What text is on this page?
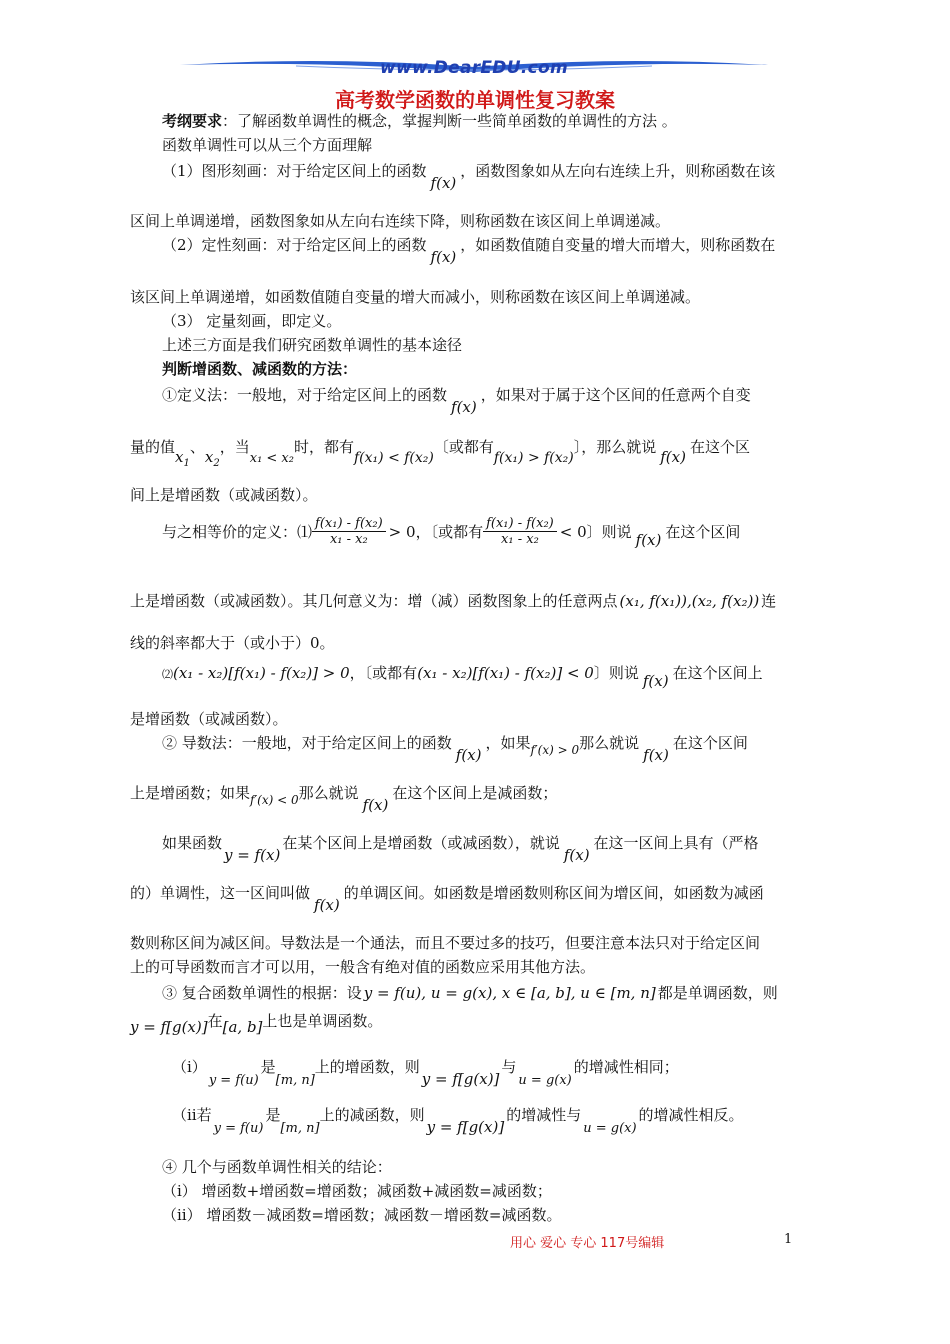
www.DearEDU.com
高考数学函数的单调性复习教案
考纲要求：了解函数单调性的概念，掌握判断一些简单函数的单调性的方法 。
函数单调性可以从三个方面理解
（1）图形刻画：对于给定区间上的函数f(x)，函数图象如从左向右连续上升，则称函数在该
区间上单调递增，函数图象如从左向右连续下降，则称函数在该区间上单调递减。
（2）定性刻画：对于给定区间上的函数f(x)，如函数值随自变量的增大而增大，则称函数在
该区间上单调递增，如函数值随自变量的增大而减小，则称函数在该区间上单调递减。
（3） 定量刻画，即定义。
上述三方面是我们研究函数单调性的基本途径
判断增函数、减函数的方法：
①定义法：一般地，对于给定区间上的函数f(x)，如果对于属于这个区间的任意两个自变
量的值$x_1$、$x_2$，当x₁ < x₂时，都有f(x₁) < f(x₂)〔或都有f(x₁) > f(x₂)〕，那么就说f(x)在这个区
间上是增函数（或减函数）。
与之相等价的定义：⑴ $\frac{\text{f(x₁) - f(x₂)}}{\text{x₁ - x₂}} > 0$，〔或都有 $\frac{\text{f(x₁) - f(x₂)}}{\text{x₁ - x₂}} < 0$〕则说 f(x) 在这个区间
上是增函数（或减函数）。其几何意义为：增（减）函数图象上的任意两点 (x₁, f(x₁)),(x₂, f(x₂)) 连
线的斜率都大于（或小于）0。
⑵(x₁ - x₂)[f(x₁) - f(x₂)] > 0，〔或都有(x₁ - x₂)[f(x₁) - f(x₂)] < 0〕则说 f(x) 在这个区间上
是增函数（或减函数）。
② 导数法：一般地，对于给定区间上的函数f(x)，如果f′(x) > 0那么就说f(x)在这个区间
上是增函数；如果f′(x) < 0那么就说f(x)在这个区间上是减函数；
如果函数y = f(x)在某个区间上是增函数（或减函数），就说f(x)在这一区间上具有（严格
的）单调性，这一区间叫做f(x)的单调区间。如函数是增函数则称区间为增区间，如函数为减函
数则称区间为减区间。导数法是一个通法，而且不要过多的技巧，但要注意本法只对于给定区间
上的可导函数而言才可以用，一般含有绝对值的函数应采用其他方法。
③ 复合函数单调性的根据：设 y = f(u), u = g(x), x ∈ [a, b], u ∈ [m, n] 都是单调函数，则
y = f[g(x)]在[a, b]上也是单调函数。
（ⅰ）y = f(u)是[m, n]上的增函数，则y = f[g(x)]与u = g(x)的增减性相同；
（ⅱ若y = f(u)是[m, n]上的减函数，则y = f[g(x)]的增减性与u = g(x)的增减性相反。
④ 几个与函数单调性相关的结论：
（ⅰ） 增函数+增函数=增函数；减函数+减函数=减函数；
（ⅱ） 增函数－减函数=增函数；减函数－增函数=减函数。
用心 爱心 专心 117号编辑	1
